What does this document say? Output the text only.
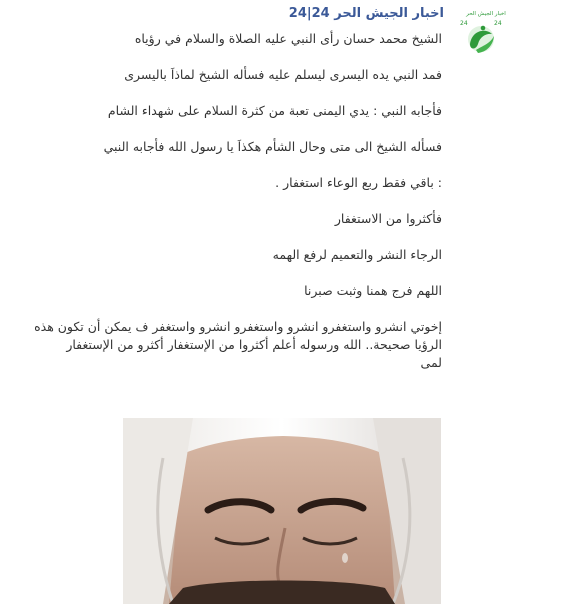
اخبار الجيش الحر
24	24
اخبار الجيش الحر 24|24

الشيخ محمد حسان رأى النبي عليه الصلاة والسلام في رؤياه

فمد النبي يده اليسرى ليسلم عليه فسأله الشيخ لماذاَ باليسرى

فأجابه النبي : يدي اليمنى تعبة من كثرة السلام على شهداء الشام

فسأله الشيخ الى متى وحال الشأم هكذاَ يا رسول الله فأجابه النبي

: باقي فقط ربع الوعاء استغفار .

فأكثروا من الاستغفار

الرجاء النشر والتعميم لرفع الهمه

اللهم فرج همنا وثبت صبرنا

إخوتي انشرو واستغفرو انشرو واستغفرو انشرو واستغفر ف يمكن أن تكون هذه الرؤيا صحيحة.. الله ورسوله أعلم أكثروا من الإستغفار أكثرو من الإستغفار

لمى
